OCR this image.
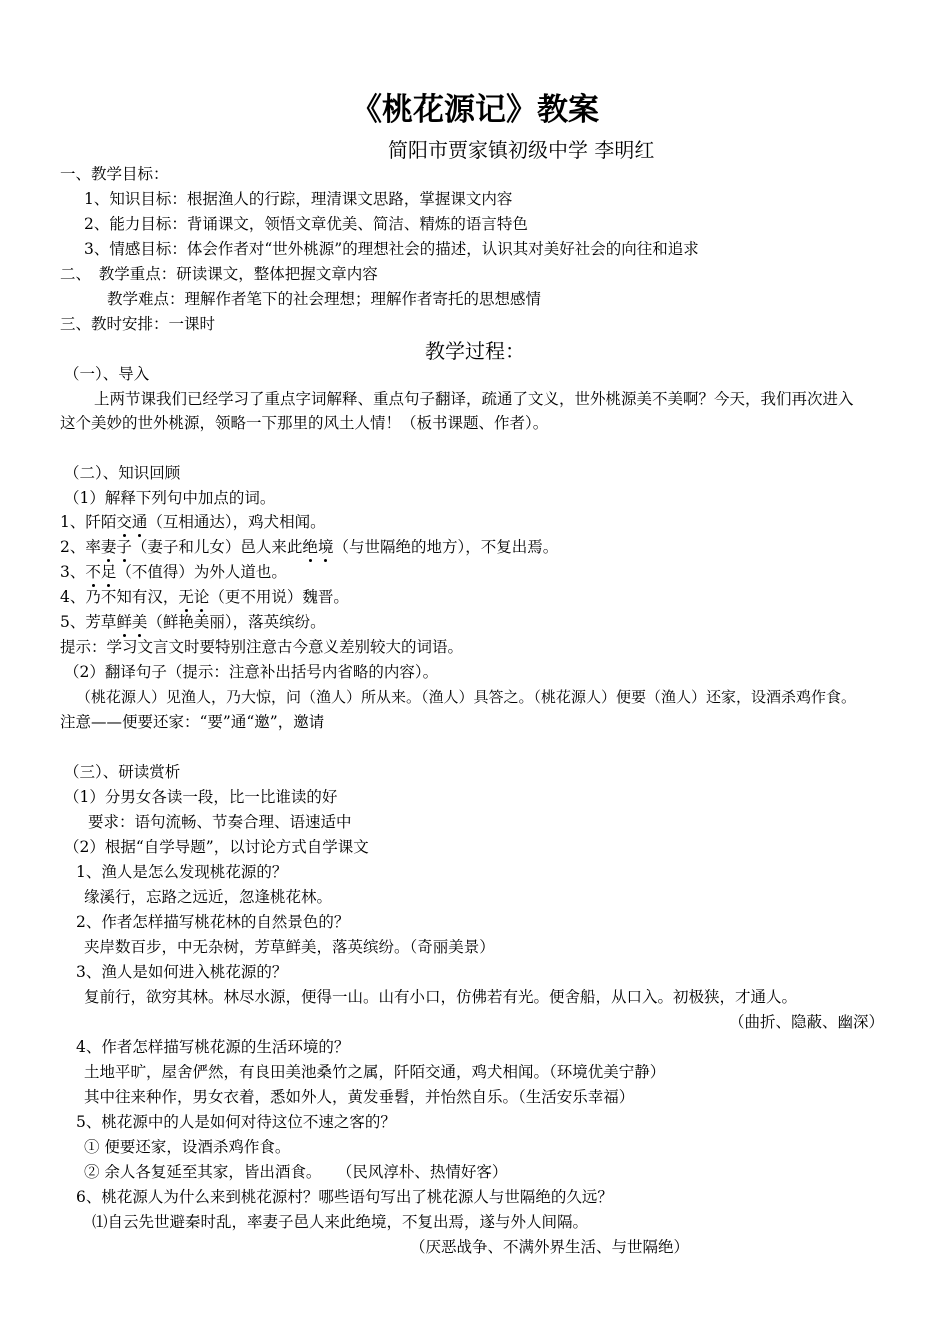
《桃花源记》教案
简阳市贾家镇初级中学 李明红
一、教学目标：
1、知识目标：根据渔人的行踪，理清课文思路，掌握课文内容
2、能力目标：背诵课文，领悟文章优美、简洁、精炼的语言特色
3、情感目标：体会作者对“世外桃源”的理想社会的描述，认识其对美好社会的向往和追求
二、　教学重点：研读课文，整体把握文章内容
教学难点：理解作者笔下的社会理想；理解作者寄托的思想感情
三、教时安排：一课时
教学过程：
（一）、导入
上两节课我们已经学习了重点字词解释、重点句子翻译，疏通了文义，世外桃源美不美啊？今天，我们再次进入
这个美妙的世外桃源，领略一下那里的风土人情！（板书课题、作者）。
（二）、知识回顾
（1）解释下列句中加点的词。
1、阡陌交通（互相通达），鸡犬相闻。
2、率妻子（妻子和儿女）邑人来此绝境（与世隔绝的地方），不复出焉。
3、不足（不值得）为外人道也。
4、乃不知有汉，无论（更不用说）魏晋。
5、芳草鲜美（鲜艳美丽），落英缤纷。
提示：学习文言文时要特别注意古今意义差别较大的词语。
（2）翻译句子（提示：注意补出括号内省略的内容）。
（桃花源人）见渔人，乃大惊，问（渔人）所从来。（渔人）具答之。（桃花源人）便要（渔人）还家，设酒杀鸡作食。
注意——便要还家：“要”通“邀”，邀请
（三）、研读赏析
（1）分男女各读一段，比一比谁读的好
要求：语句流畅、节奏合理、语速适中
（2）根据“自学导题”，以讨论方式自学课文
1、渔人是怎么发现桃花源的？
缘溪行，忘路之远近，忽逢桃花林。
2、作者怎样描写桃花林的自然景色的？
夹岸数百步，中无杂树，芳草鲜美，落英缤纷。（奇丽美景）
3、渔人是如何进入桃花源的？
复前行，欲穷其林。林尽水源，便得一山。山有小口，仿佛若有光。便舍船，从口入。初极狭，才通人。
（曲折、隐蔽、幽深）
4、作者怎样描写桃花源的生活环境的？
土地平旷，屋舍俨然，有良田美池桑竹之属，阡陌交通，鸡犬相闻。（环境优美宁静）
其中往来种作，男女衣着，悉如外人，黄发垂髫，并怡然自乐。（生活安乐幸福）
5、桃花源中的人是如何对待这位不速之客的？
① 便要还家，设酒杀鸡作食。
② 余人各复延至其家，皆出酒食。　　（民风淳朴、热情好客）
6、桃花源人为什么来到桃花源村？哪些语句写出了桃花源人与世隔绝的久远？
⑴自云先世避秦时乱，率妻子邑人来此绝境，不复出焉，遂与外人间隔。
（厌恶战争、不满外界生活、与世隔绝）
